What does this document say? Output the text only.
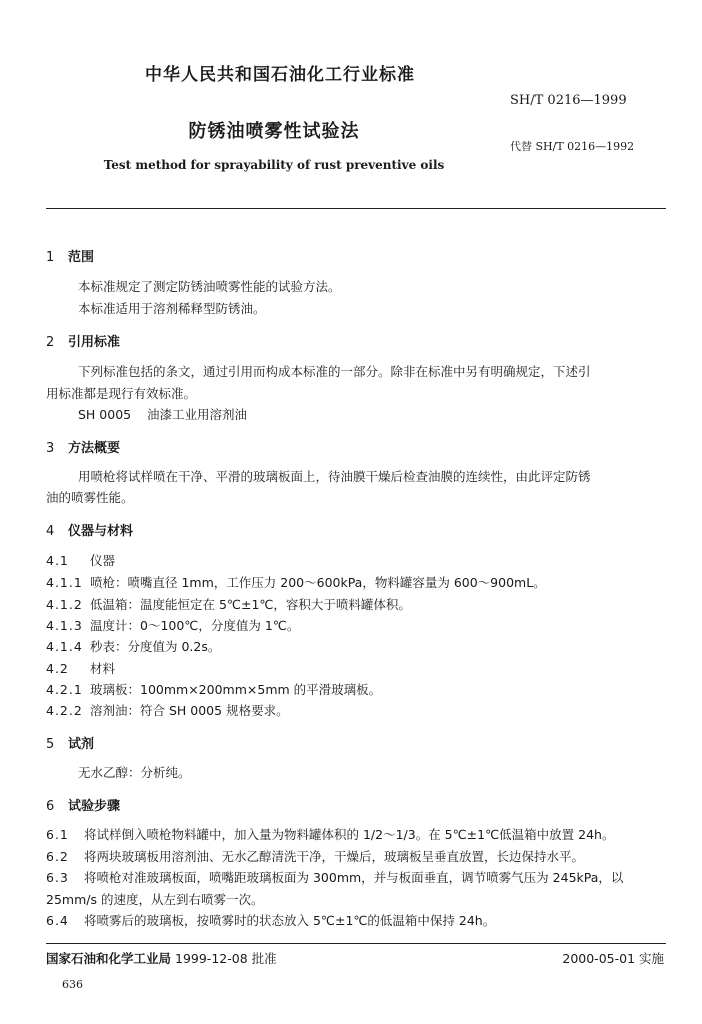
中华人民共和国石油化工行业标准
SH/T 0216—1999
防锈油喷雾性试验法
代替 SH/T 0216—1992
Test method for sprayability of rust preventive oils
1 范围
本标准规定了测定防锈油喷雾性能的试验方法。
本标准适用于溶剂稀释型防锈油。
2 引用标准
下列标准包括的条文，通过引用而构成本标准的一部分。除非在标准中另有明确规定，下述引
用标准都是现行有效标准。
SH 0005    油漆工业用溶剂油
3 方法概要
用喷枪将试样喷在干净、平滑的玻璃板面上，待油膜干燥后检查油膜的连续性，由此评定防锈
油的喷雾性能。
4 仪器与材料
4.1 仪器
4.1.1 喷枪：喷嘴直径 1mm，工作压力 200～600kPa，物料罐容量为 600～900mL。
4.1.2 低温箱：温度能恒定在 5℃±1℃，容积大于喷料罐体积。
4.1.3 温度计：0～100℃，分度值为 1℃。
4.1.4 秒表：分度值为 0.2s。
4.2 材料
4.2.1 玻璃板：100mm×200mm×5mm 的平滑玻璃板。
4.2.2 溶剂油：符合 SH 0005 规格要求。
5 试剂
无水乙醇：分析纯。
6 试验步骤
6.1 将试样倒入喷枪物料罐中，加入量为物料罐体积的 1/2～1/3。在 5℃±1℃低温箱中放置 24h。
6.2 将两块玻璃板用溶剂油、无水乙醇清洗干净，干燥后，玻璃板呈垂直放置，长边保持水平。
6.3 将喷枪对准玻璃板面，喷嘴距玻璃板面为 300mm，并与板面垂直，调节喷雾气压为 245kPa，以
25mm/s 的速度，从左到右喷雾一次。
6.4 将喷雾后的玻璃板，按喷雾时的状态放入 5℃±1℃的低温箱中保持 24h。
国家石油和化学工业局 1999-12-08 批准	2000-05-01 实施
636
